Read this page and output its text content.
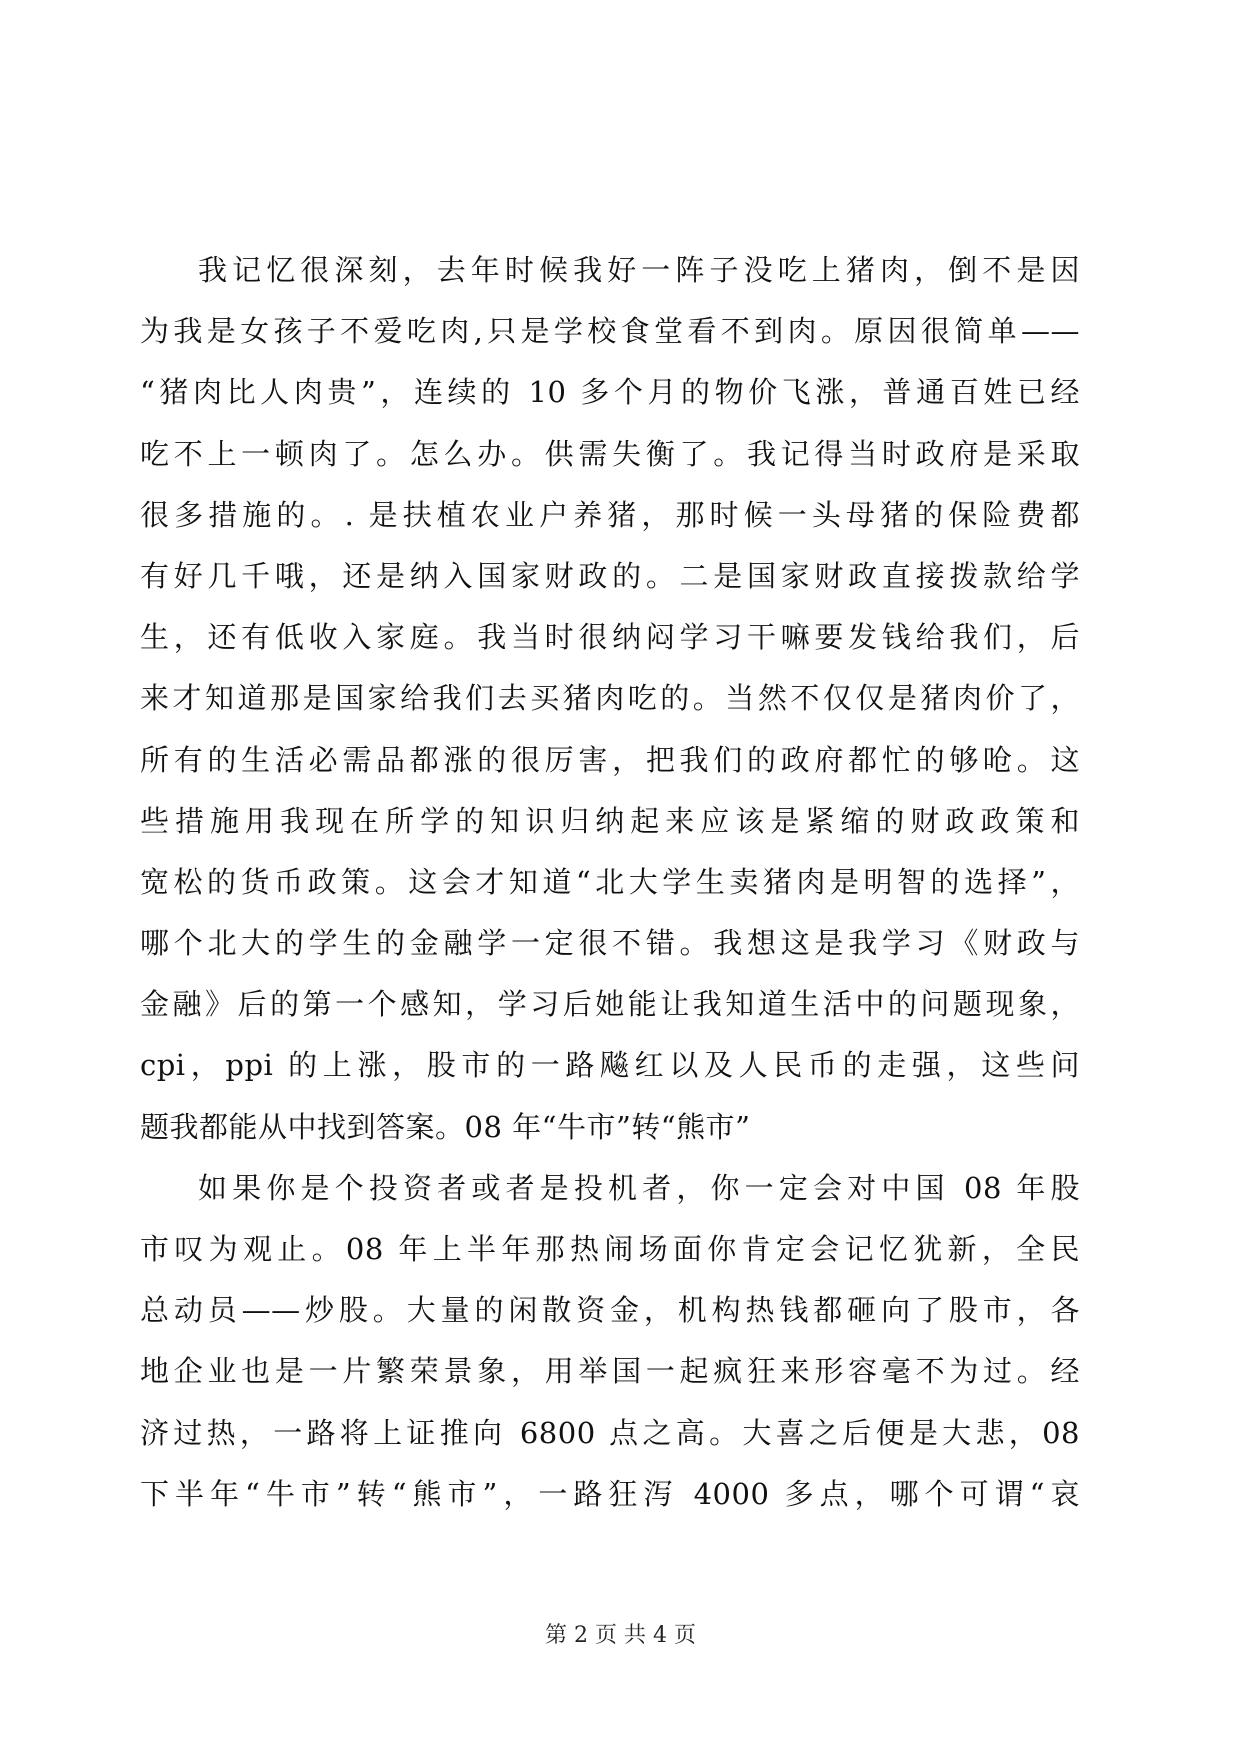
我记忆很深刻，去年时候我好一阵子没吃上猪肉，倒不是因
为我是女孩子不爱吃肉,只是学校食堂看不到肉。原因很简单——
“猪肉比人肉贵”，连续的 10 多个月的物价飞涨，普通百姓已经
吃不上一顿肉了。怎么办。供需失衡了。我记得当时政府是采取
很多措施的。. 是扶植农业户养猪，那时候一头母猪的保险费都
有好几千哦，还是纳入国家财政的。二是国家财政直接拨款给学
生，还有低收入家庭。我当时很纳闷学习干嘛要发钱给我们，后
来才知道那是国家给我们去买猪肉吃的。当然不仅仅是猪肉价了，
所有的生活必需品都涨的很厉害，把我们的政府都忙的够呛。这
些措施用我现在所学的知识归纳起来应该是紧缩的财政政策和
宽松的货币政策。这会才知道“北大学生卖猪肉是明智的选择”，
哪个北大的学生的金融学一定很不错。我想这是我学习《财政与
金融》后的第一个感知，学习后她能让我知道生活中的问题现象，
cpi，ppi 的上涨，股市的一路飚红以及人民币的走强，这些问
题我都能从中找到答案。08 年“牛市”转“熊市”
如果你是个投资者或者是投机者，你一定会对中国 08 年股
市叹为观止。08 年上半年那热闹场面你肯定会记忆犹新，全民
总动员——炒股。大量的闲散资金，机构热钱都砸向了股市，各
地企业也是一片繁荣景象，用举国一起疯狂来形容毫不为过。经
济过热，一路将上证推向 6800 点之高。大喜之后便是大悲，08
下半年“牛市”转“熊市”，一路狂泻 4000 多点，哪个可谓“哀
第 2 页 共 4 页
